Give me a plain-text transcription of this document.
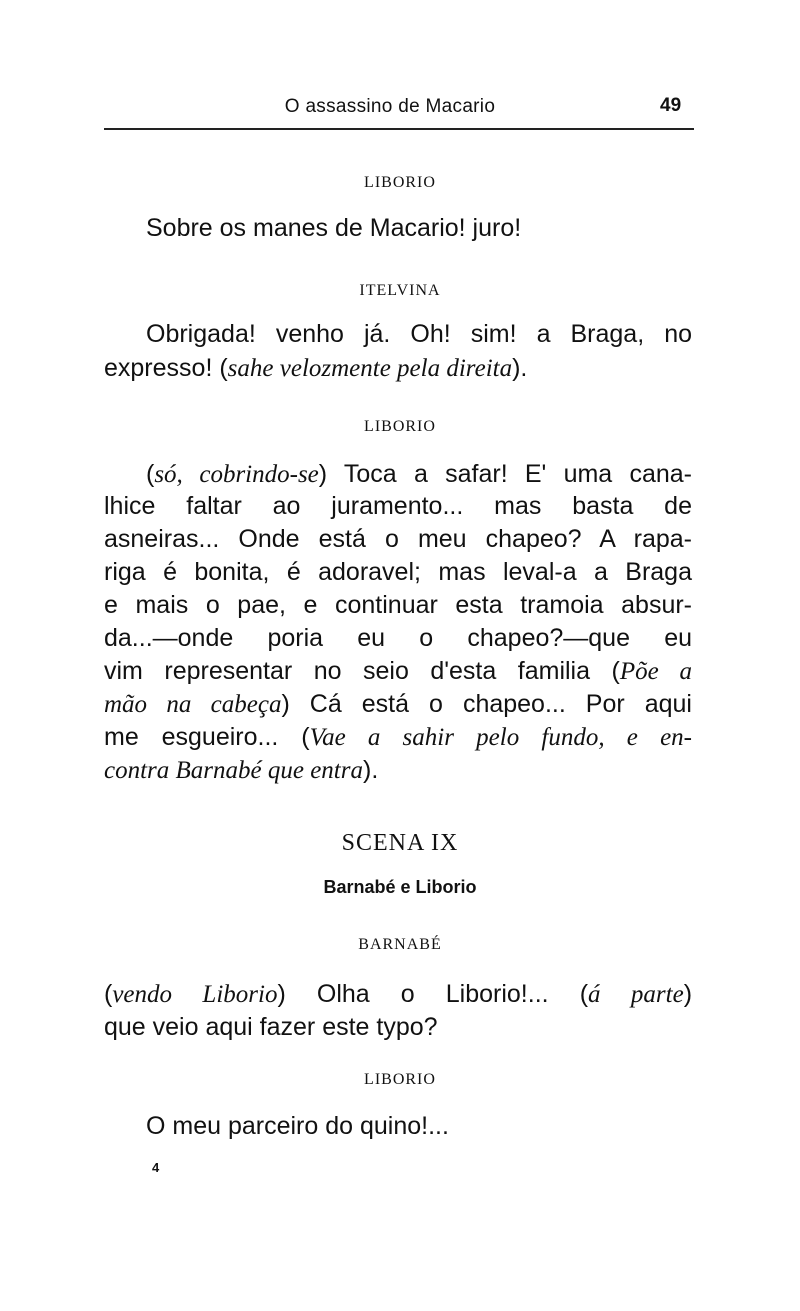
O assassino de Macario	49
LIBORIO
Sobre os manes de Macario! juro!
ITELVINA
Obrigada! venho já. Oh! sim! a Braga, no
expresso! (sahe velozmente pela direita).
LIBORIO
(só, cobrindo-se) Toca a safar! E' uma cana-
lhice faltar ao juramento... mas basta de
asneiras... Onde está o meu chapeo? A rapa-
riga é bonita, é adoravel; mas leval-a a Braga
e mais o pae, e continuar esta tramoia absur-
da...—onde poria eu o chapeo?—que eu
vim representar no seio d'esta familia (Põe a
mão na cabeça) Cá está o chapeo... Por aqui
me esgueiro... (Vae a sahir pelo fundo, e en-
contra Barnabé que entra).
SCENA IX
Barnabé e Liborio
BARNABÉ
(vendo Liborio) Olha o Liborio!... (á parte)
que veio aqui fazer este typo?
LIBORIO
O meu parceiro do quino!...
4
